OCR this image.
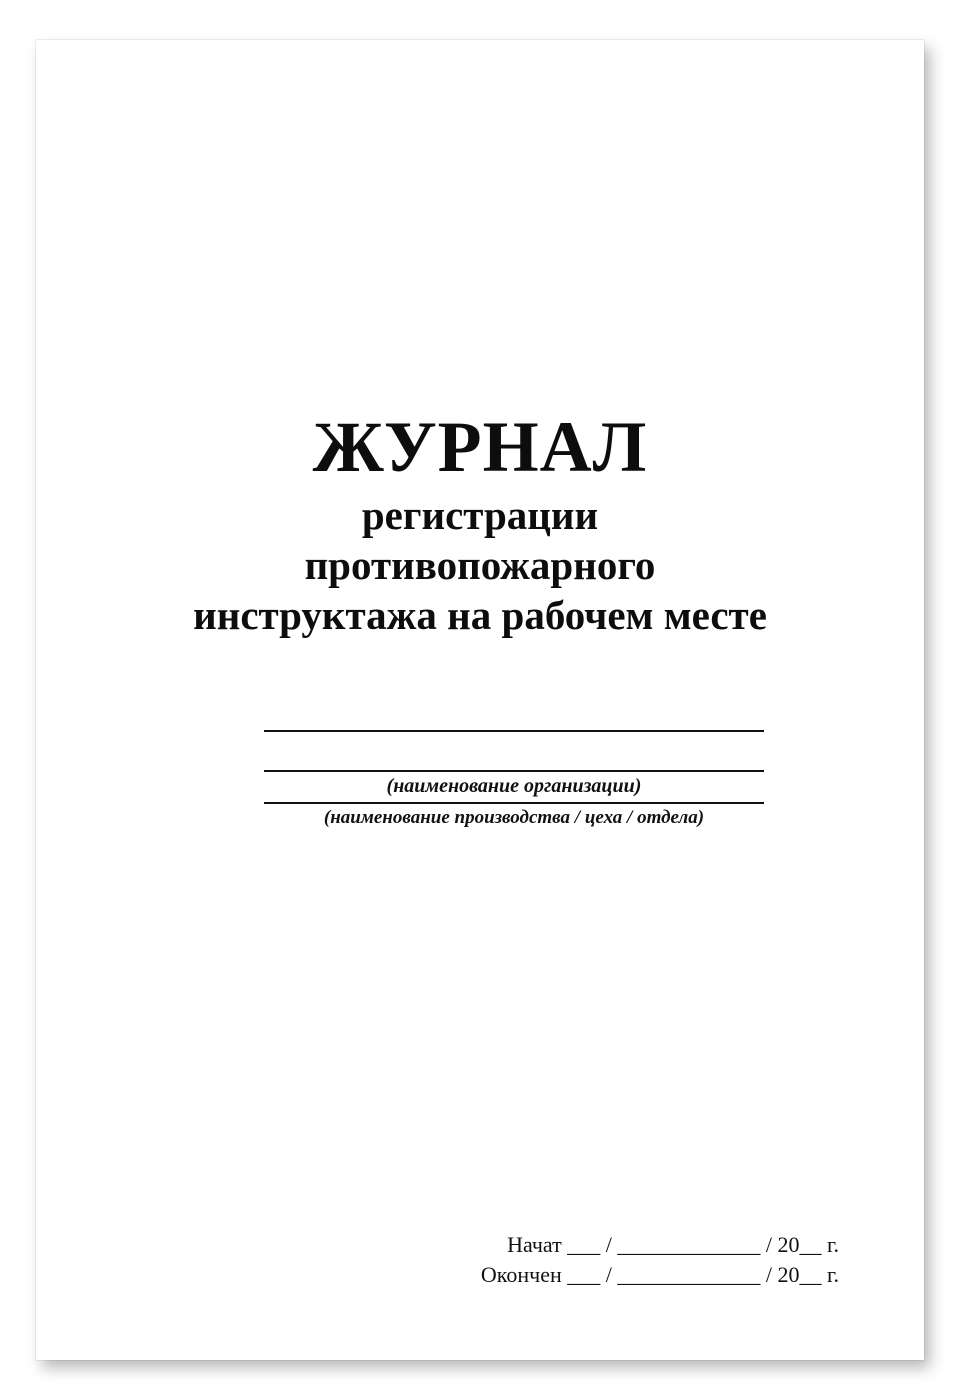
ЖУРНАЛ
регистрации
противопожарного
инструктажа на рабочем месте
(наименование организации)
(наименование производства / цеха / отдела)
Начат ___ / _____________ / 20__ г.
Окончен ___ / _____________ / 20__ г.
